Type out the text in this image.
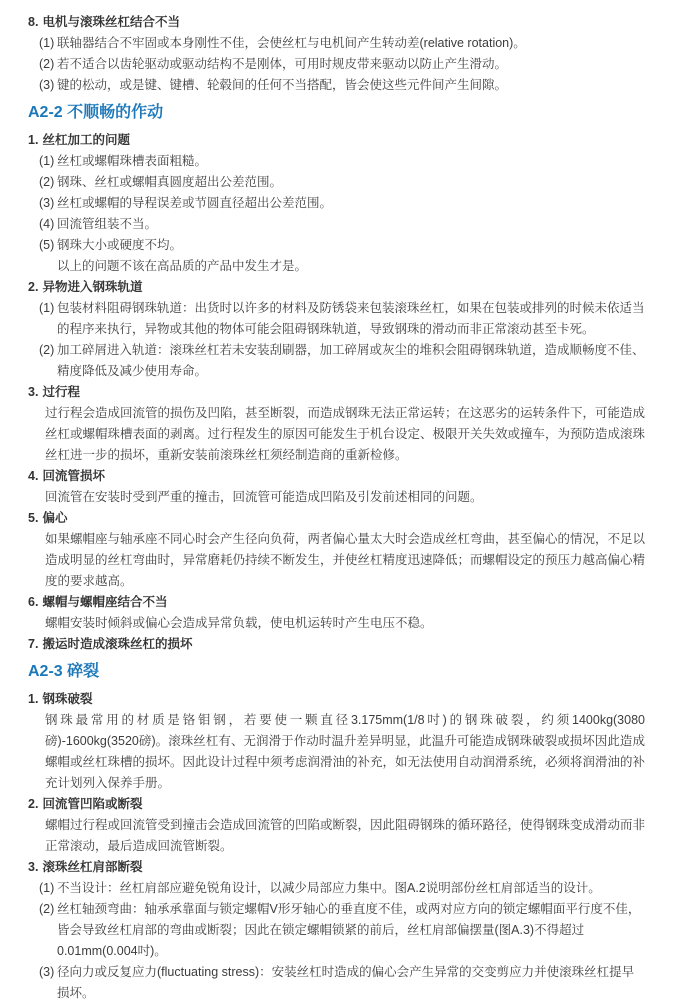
8. 电机与滚珠丝杠结合不当
(1) 联轴器结合不牢固或本身刚性不佳，会使丝杠与电机间产生转动差(relative rotation)。
(2) 若不适合以齿轮驱动或驱动结构不是刚体，可用时规皮带来驱动以防止产生滑动。
(3) 键的松动，或是键、键槽、轮毂间的任何不当搭配，皆会使这些元件间产生间隙。
A2-2 不顺畅的作动
1. 丝杠加工的问题
(1) 丝杠或螺帽珠槽表面粗糙。
(2) 钢珠、丝杠或螺帽真圆度超出公差范围。
(3) 丝杠或螺帽的导程误差或节圆直径超出公差范围。
(4) 回流管组装不当。
(5) 钢珠大小或硬度不均。
以上的问题不该在高品质的产品中发生才是。
2. 异物进入钢珠轨道
(1) 包装材料阻碍钢珠轨道：出货时以许多的材料及防锈袋来包装滚珠丝杠，如果在包装或排列的时候未依适当的程序来执行，异物或其他的物体可能会阻碍钢珠轨道，导致钢珠的滑动而非正常滚动甚至卡死。
(2) 加工碎屑进入轨道：滚珠丝杠若未安装刮刷器，加工碎屑或灰尘的堆积会阻碍钢珠轨道，造成顺畅度不佳、精度降低及减少使用寿命。
3. 过行程
过行程会造成回流管的损伤及凹陷，甚至断裂，而造成钢珠无法正常运转；在这恶劣的运转条件下，可能造成丝杠或螺帽珠槽表面的剥离。过行程发生的原因可能发生于机台设定、极限开关失效或撞车，为预防造成滚珠丝杠进一步的损坏，重新安装前滚珠丝杠须经制造商的重新检修。
4. 回流管损坏
回流管在安装时受到严重的撞击，回流管可能造成凹陷及引发前述相同的问题。
5. 偏心
如果螺帽座与轴承座不同心时会产生径向负荷，两者偏心量太大时会造成丝杠弯曲，甚至偏心的情况，不足以造成明显的丝杠弯曲时，异常磨耗仍持续不断发生，并使丝杠精度迅速降低；而螺帽设定的预压力越高偏心精度的要求越高。
6. 螺帽与螺帽座结合不当
螺帽安装时倾斜或偏心会造成异常负载，使电机运转时产生电压不稳。
7. 搬运时造成滚珠丝杠的损坏
A2-3 碎裂
1. 钢珠破裂
钢珠最常用的材质是铬钼钢，若要使一颗直径3.175mm(1/8吋)的钢珠破裂，约须1400kg(3080磅)-1600kg(3520磅)。滚珠丝杠有、无润滑于作动时温升差异明显，此温升可能造成钢珠破裂或损坏因此造成螺帽或丝杠珠槽的损坏。因此设计过程中须考虑润滑油的补充，如无法使用自动润滑系统，必须将润滑油的补充计划列入保养手册。
2. 回流管凹陷或断裂
螺帽过行程或回流管受到撞击会造成回流管的凹陷或断裂，因此阻碍钢珠的循环路径，使得钢珠变成滑动而非正常滚动，最后造成回流管断裂。
3. 滚珠丝杠肩部断裂
(1) 不当设计：丝杠肩部应避免锐角设计，以减少局部应力集中。图A.2说明部份丝杠肩部适当的设计。
(2) 丝杠轴颈弯曲：轴承承靠面与锁定螺帽V形牙轴心的垂直度不佳，或两对应方向的锁定螺帽面平行度不佳，皆会导致丝杠肩部的弯曲或断裂；因此在锁定螺帽锁紧的前后，丝杠肩部偏摆量(图A.3)不得超过0.01mm(0.004吋)。
(3) 径向力或反复应力(fluctuating stress)：安装丝杠时造成的偏心会产生异常的交变剪应力并使滚珠丝杠提早损坏。
